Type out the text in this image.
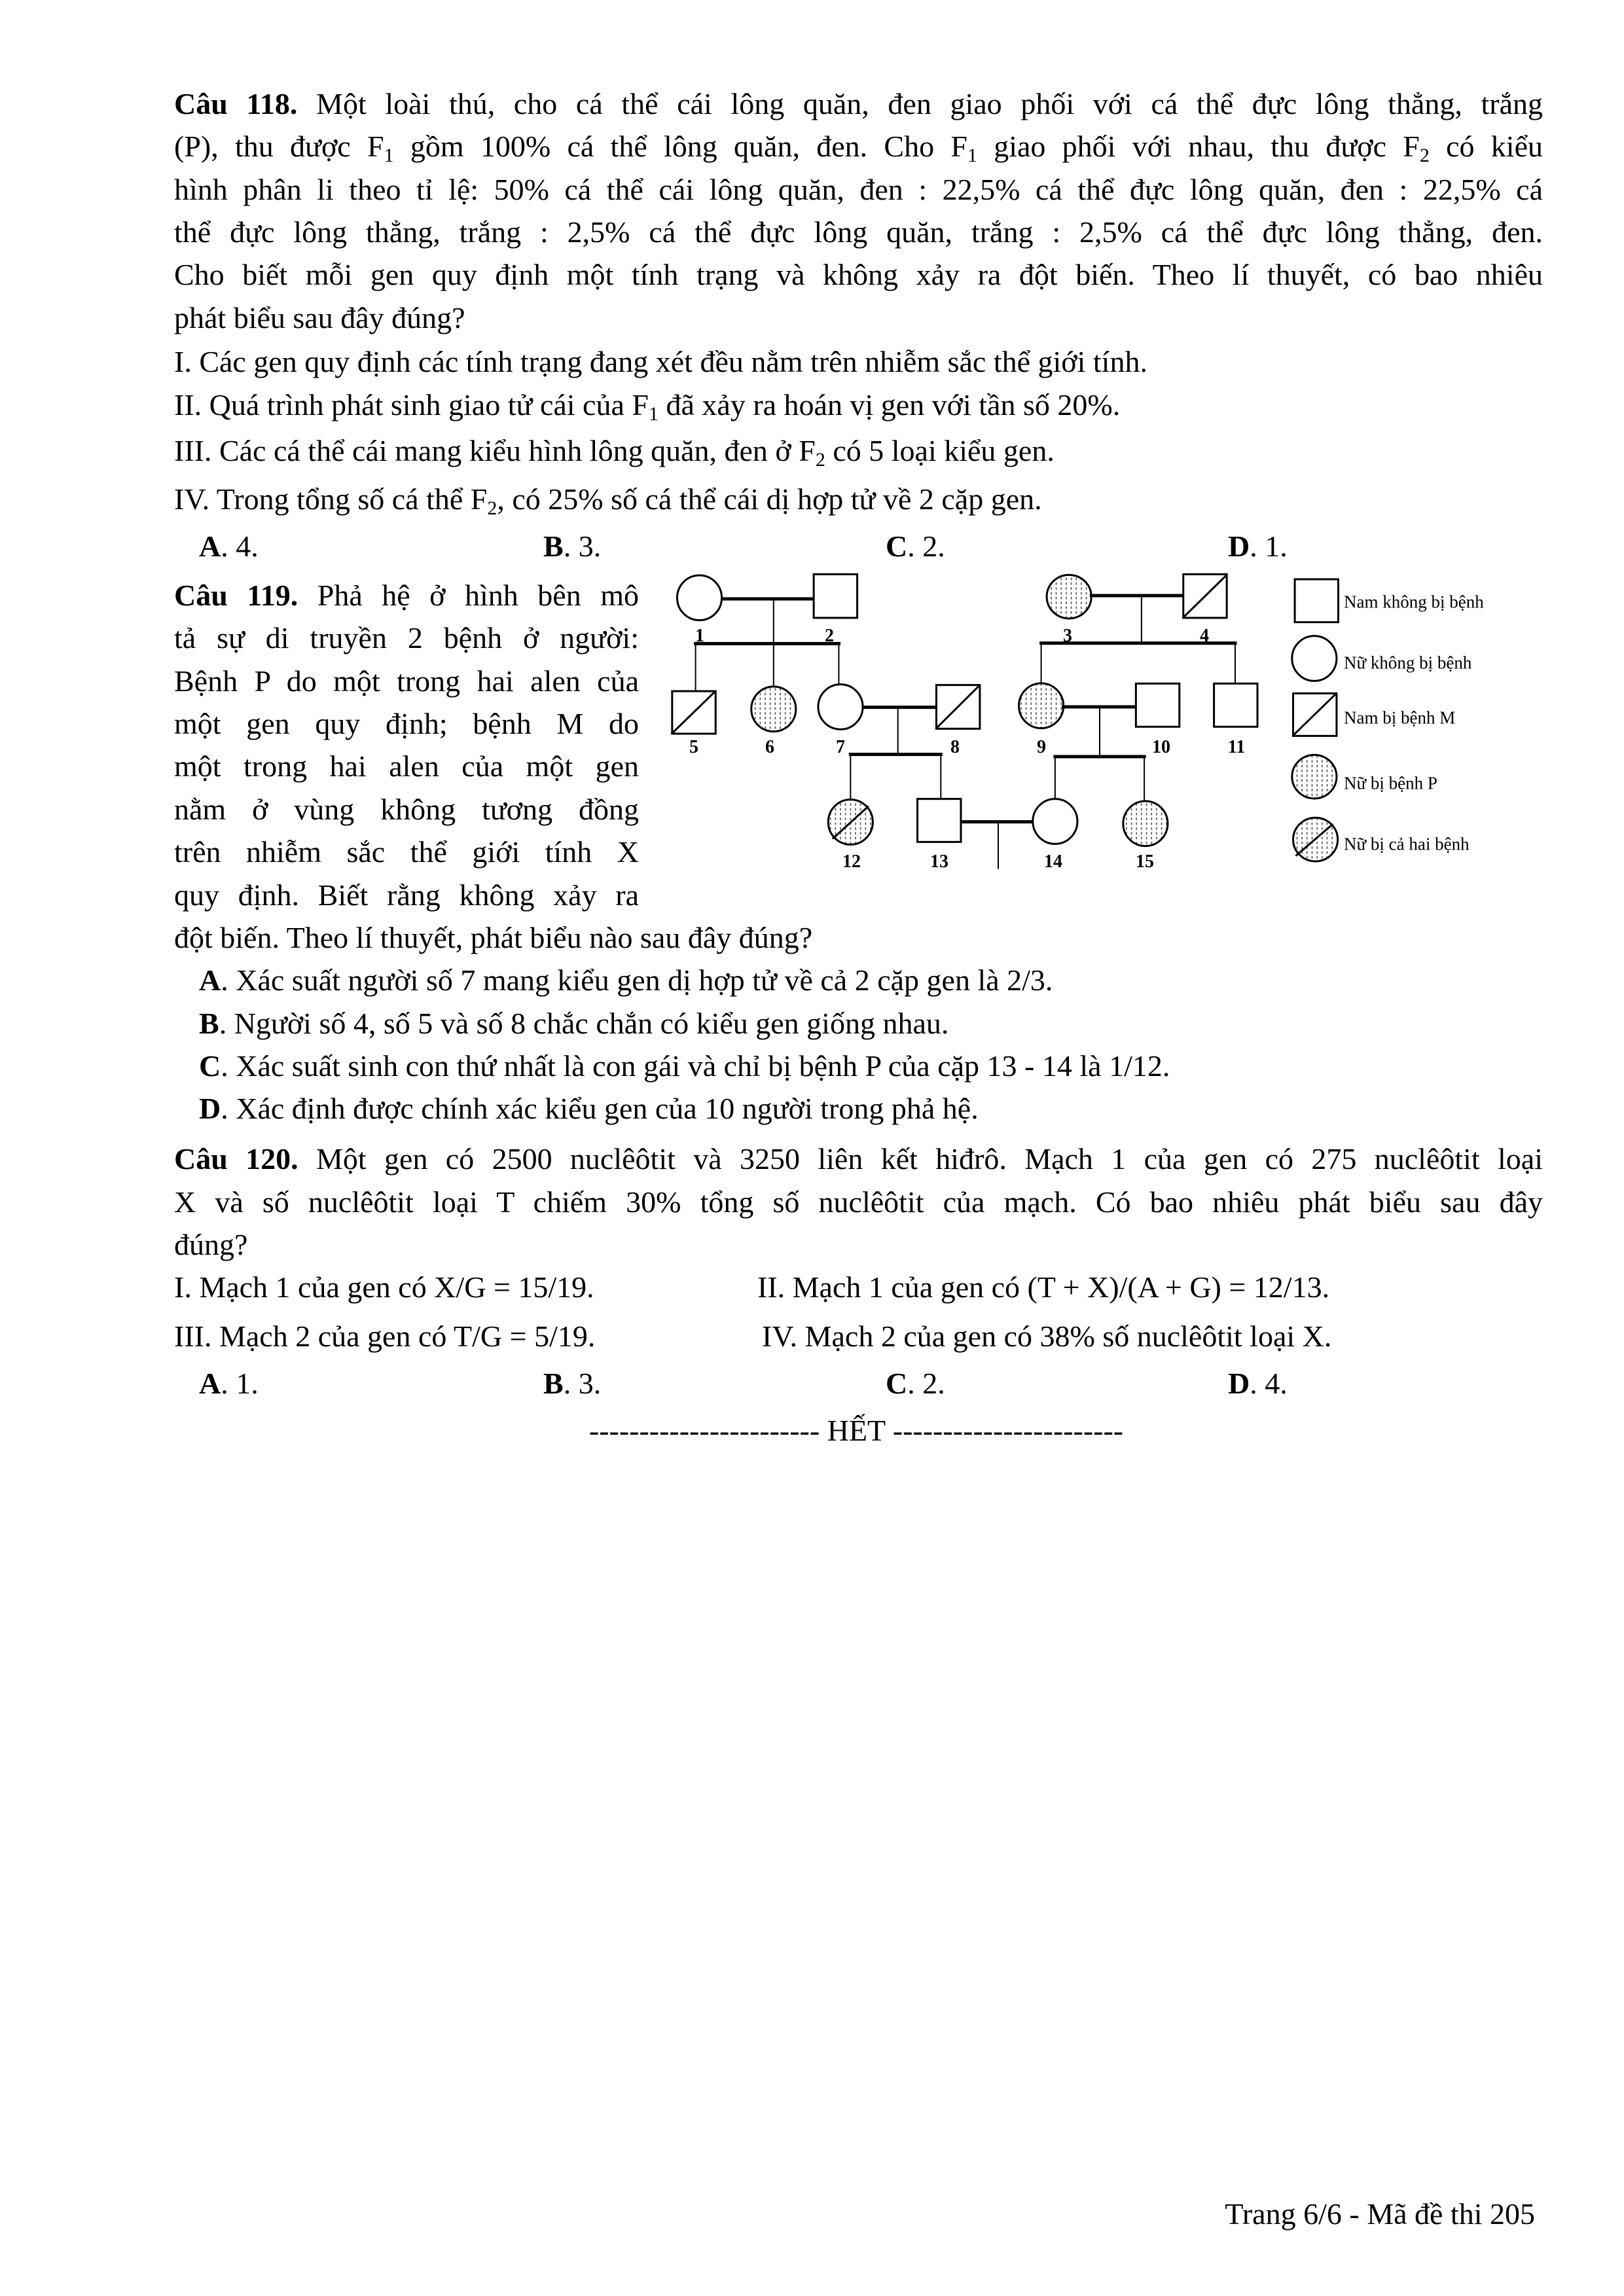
Câu 118. Một loài thú, cho cá thể cái lông quăn, đen giao phối với cá thể đực lông thẳng, trắng
(P), thu được $F_1$ gồm 100% cá thể lông quăn, đen. Cho $F_1$ giao phối với nhau, thu được $F_2$ có kiểu
hình phân li theo tỉ lệ: 50% cá thể cái lông quăn, đen : 22,5% cá thể đực lông quăn, đen : 22,5% cá
thể đực lông thẳng, trắng : 2,5% cá thể đực lông quăn, trắng : 2,5% cá thể đực lông thẳng, đen.
Cho biết mỗi gen quy định một tính trạng và không xảy ra đột biến. Theo lí thuyết, có bao nhiêu
phát biểu sau đây đúng?
I. Các gen quy định các tính trạng đang xét đều nằm trên nhiễm sắc thể giới tính.
II. Quá trình phát sinh giao tử cái của $F_1$ đã xảy ra hoán vị gen với tần số 20%.
III. Các cá thể cái mang kiểu hình lông quăn, đen ở $F_2$ có 5 loại kiểu gen.
IV. Trong tổng số cá thể $F_2$, có 25% số cá thể cái dị hợp tử về 2 cặp gen.
A. 4.	B. 3.	C. 2.	D. 1.
Câu 119. Phả hệ ở hình bên mô
tả sự di truyền 2 bệnh ở người:
Bệnh P do một trong hai alen của
một gen quy định; bệnh M do
một trong hai alen của một gen
nằm ở vùng không tương đồng
trên nhiễm sắc thể giới tính X
quy định. Biết rằng không xảy ra
đột biến. Theo lí thuyết, phát biểu nào sau đây đúng?
A. Xác suất người số 7 mang kiểu gen dị hợp tử về cả 2 cặp gen là 2/3.
B. Người số 4, số 5 và số 8 chắc chắn có kiểu gen giống nhau.
C. Xác suất sinh con thứ nhất là con gái và chỉ bị bệnh P của cặp 13 - 14 là 1/12.
D. Xác định được chính xác kiểu gen của 10 người trong phả hệ.
1	2	3	4
5	6	7	8	9	10	11
12	13	14	15
Nam không bị bệnh
Nữ không bị bệnh
Nam bị bệnh M
Nữ bị bệnh P
Nữ bị cả hai bệnh
Câu 120. Một gen có 2500 nuclêôtit và 3250 liên kết hiđrô. Mạch 1 của gen có 275 nuclêôtit loại
X và số nuclêôtit loại T chiếm 30% tổng số nuclêôtit của mạch. Có bao nhiêu phát biểu sau đây
đúng?
I. Mạch 1 của gen có X/G = 15/19.	II. Mạch 1 của gen có (T + X)/(A + G) = 12/13.
III. Mạch 2 của gen có T/G = 5/19.	IV. Mạch 2 của gen có 38% số nuclêôtit loại X.
A. 1.	B. 3.	C. 2.	D. 4.
----------------------- HẾT -----------------------
Trang 6/6 - Mã đề thi 205
